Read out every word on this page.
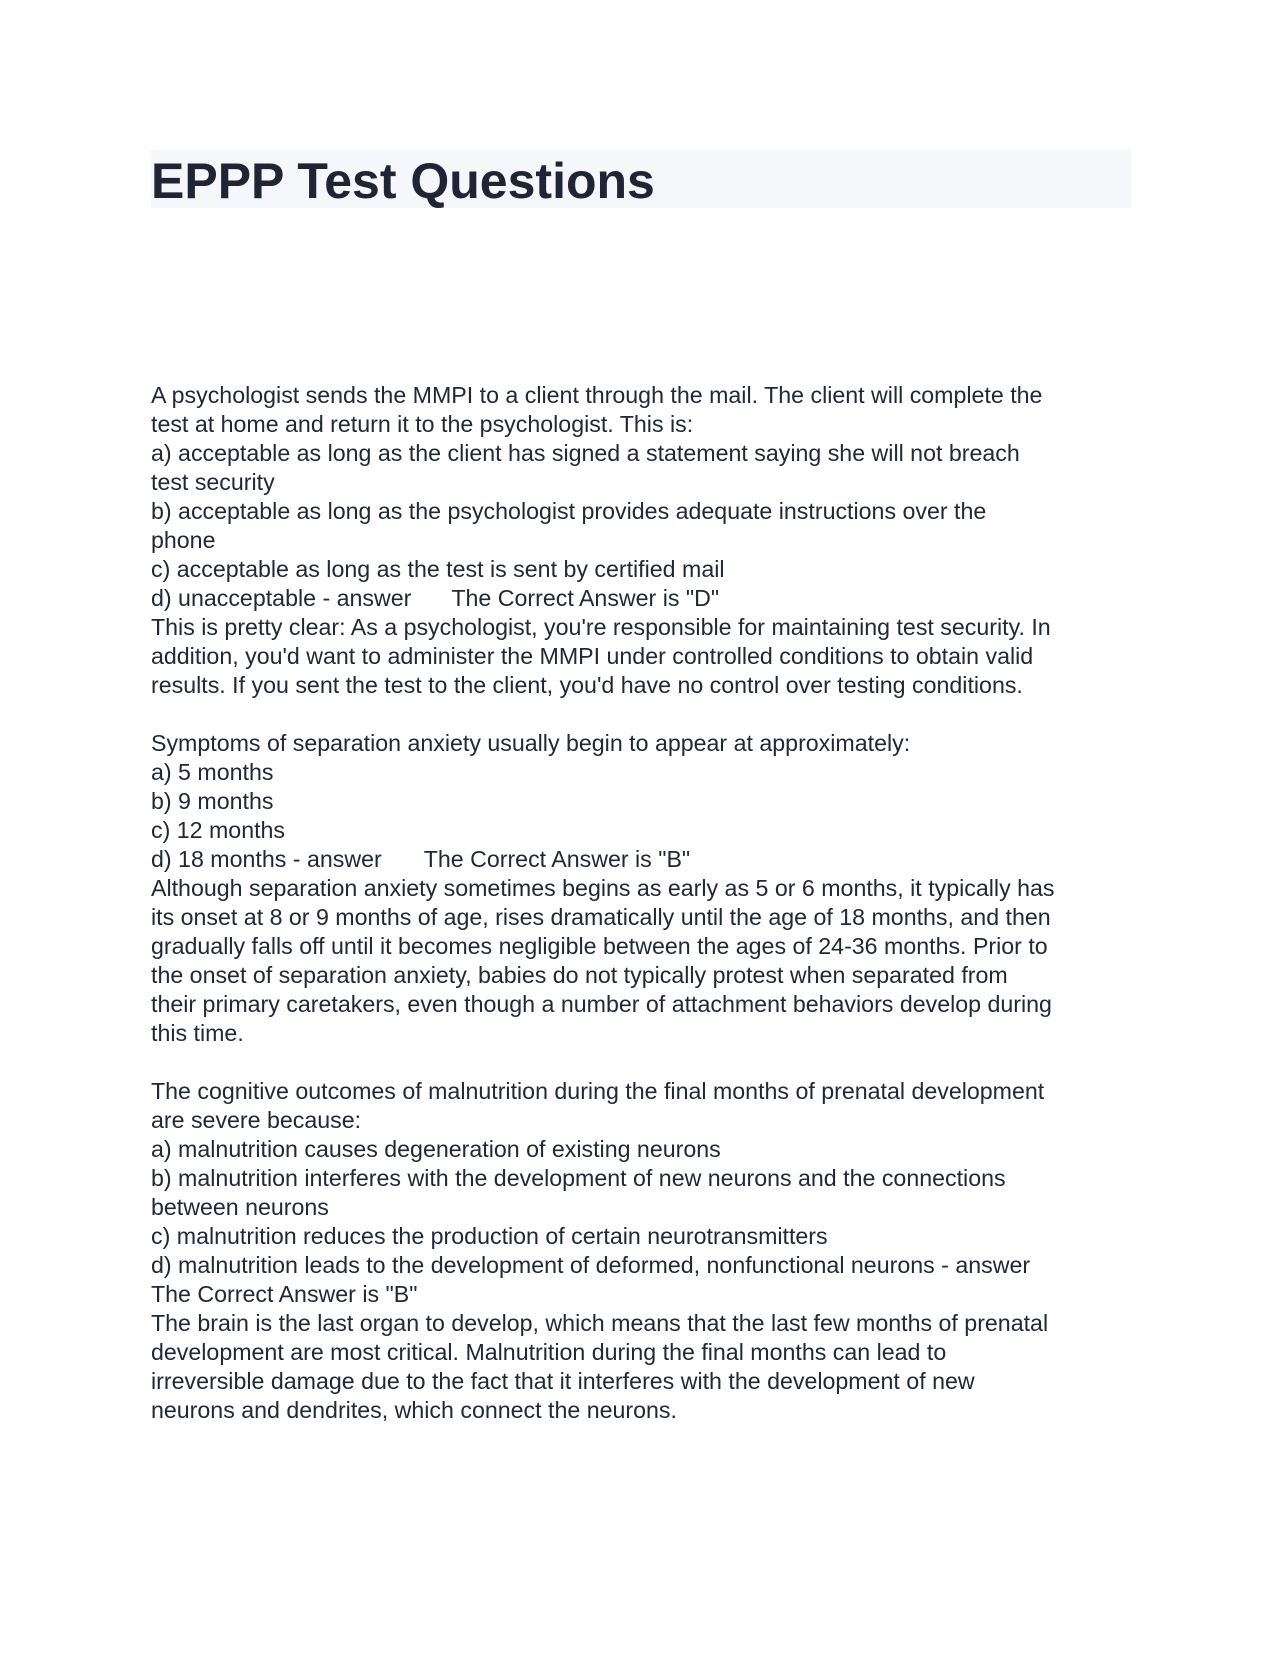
EPPP Test Questions
A psychologist sends the MMPI to a client through the mail. The client will complete the
test at home and return it to the psychologist. This is:
a) acceptable as long as the client has signed a statement saying she will not breach
test security
b) acceptable as long as the psychologist provides adequate instructions over the
phone
c) acceptable as long as the test is sent by certified mail
d) unacceptable - answer The Correct Answer is "D"
This is pretty clear: As a psychologist, you're responsible for maintaining test security. In
addition, you'd want to administer the MMPI under controlled conditions to obtain valid
results. If you sent the test to the client, you'd have no control over testing conditions.
Symptoms of separation anxiety usually begin to appear at approximately:
a) 5 months
b) 9 months
c) 12 months
d) 18 months - answer The Correct Answer is "B"
Although separation anxiety sometimes begins as early as 5 or 6 months, it typically has
its onset at 8 or 9 months of age, rises dramatically until the age of 18 months, and then
gradually falls off until it becomes negligible between the ages of 24-36 months. Prior to
the onset of separation anxiety, babies do not typically protest when separated from
their primary caretakers, even though a number of attachment behaviors develop during
this time.
The cognitive outcomes of malnutrition during the final months of prenatal development
are severe because:
a) malnutrition causes degeneration of existing neurons
b) malnutrition interferes with the development of new neurons and the connections
between neurons
c) malnutrition reduces the production of certain neurotransmitters
d) malnutrition leads to the development of deformed, nonfunctional neurons - answer
The Correct Answer is "B"
The brain is the last organ to develop, which means that the last few months of prenatal
development are most critical. Malnutrition during the final months can lead to
irreversible damage due to the fact that it interferes with the development of new
neurons and dendrites, which connect the neurons.
